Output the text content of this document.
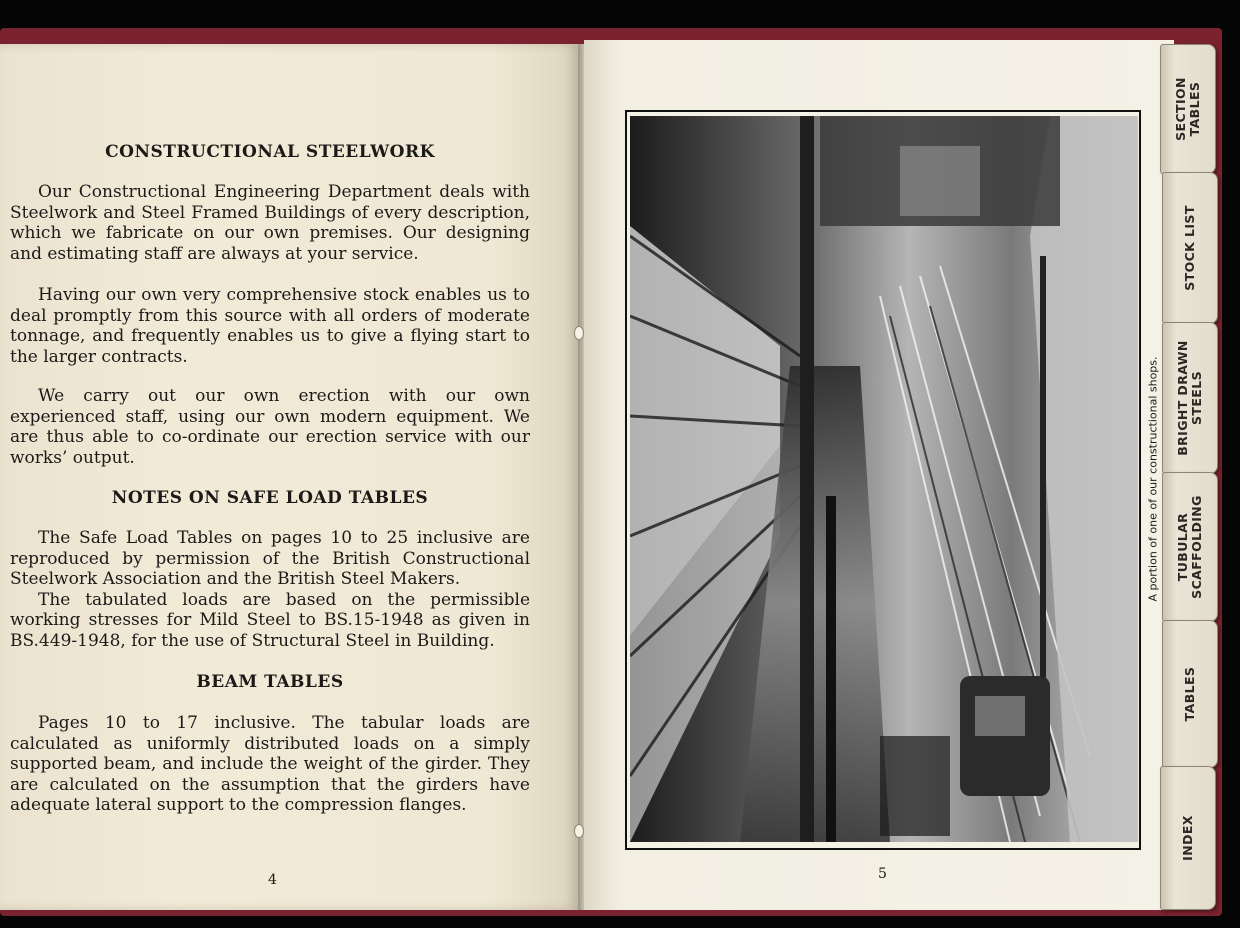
CONSTRUCTIONAL STEELWORK

Our Constructional Engineering Department deals with Steelwork and Steel Framed Buildings of every description, which we fabricate on our own premises. Our designing and estimating staff are always at your service.

Having our own very comprehensive stock enables us to deal promptly from this source with all orders of moderate tonnage, and frequently enables us to give a flying start to the larger contracts.

We carry out our own erection with our own experienced staff, using our own modern equipment. We are thus able to co-ordinate our erection service with our works’ output.

NOTES ON SAFE LOAD TABLES

The Safe Load Tables on pages 10 to 25 inclusive are reproduced by permission of the British Constructional Steelwork Association and the British Steel Makers.

The tabulated loads are based on the permissible working stresses for Mild Steel to BS.15-1948 as given in BS.449-1948, for the use of Structural Steel in Building.

BEAM TABLES

Pages 10 to 17 inclusive. The tabular loads are calculated as uniformly distributed loads on a simply supported beam, and include the weight of the girder. They are calculated on the assumption that the girders have adequate lateral support to the compression flanges.

4
A portion of one of our constructional shops.
5
SECTION TABLES
STOCK LIST
BRIGHT DRAWN STEELS
TUBULAR SCAFFOLDING
TABLES
INDEX
